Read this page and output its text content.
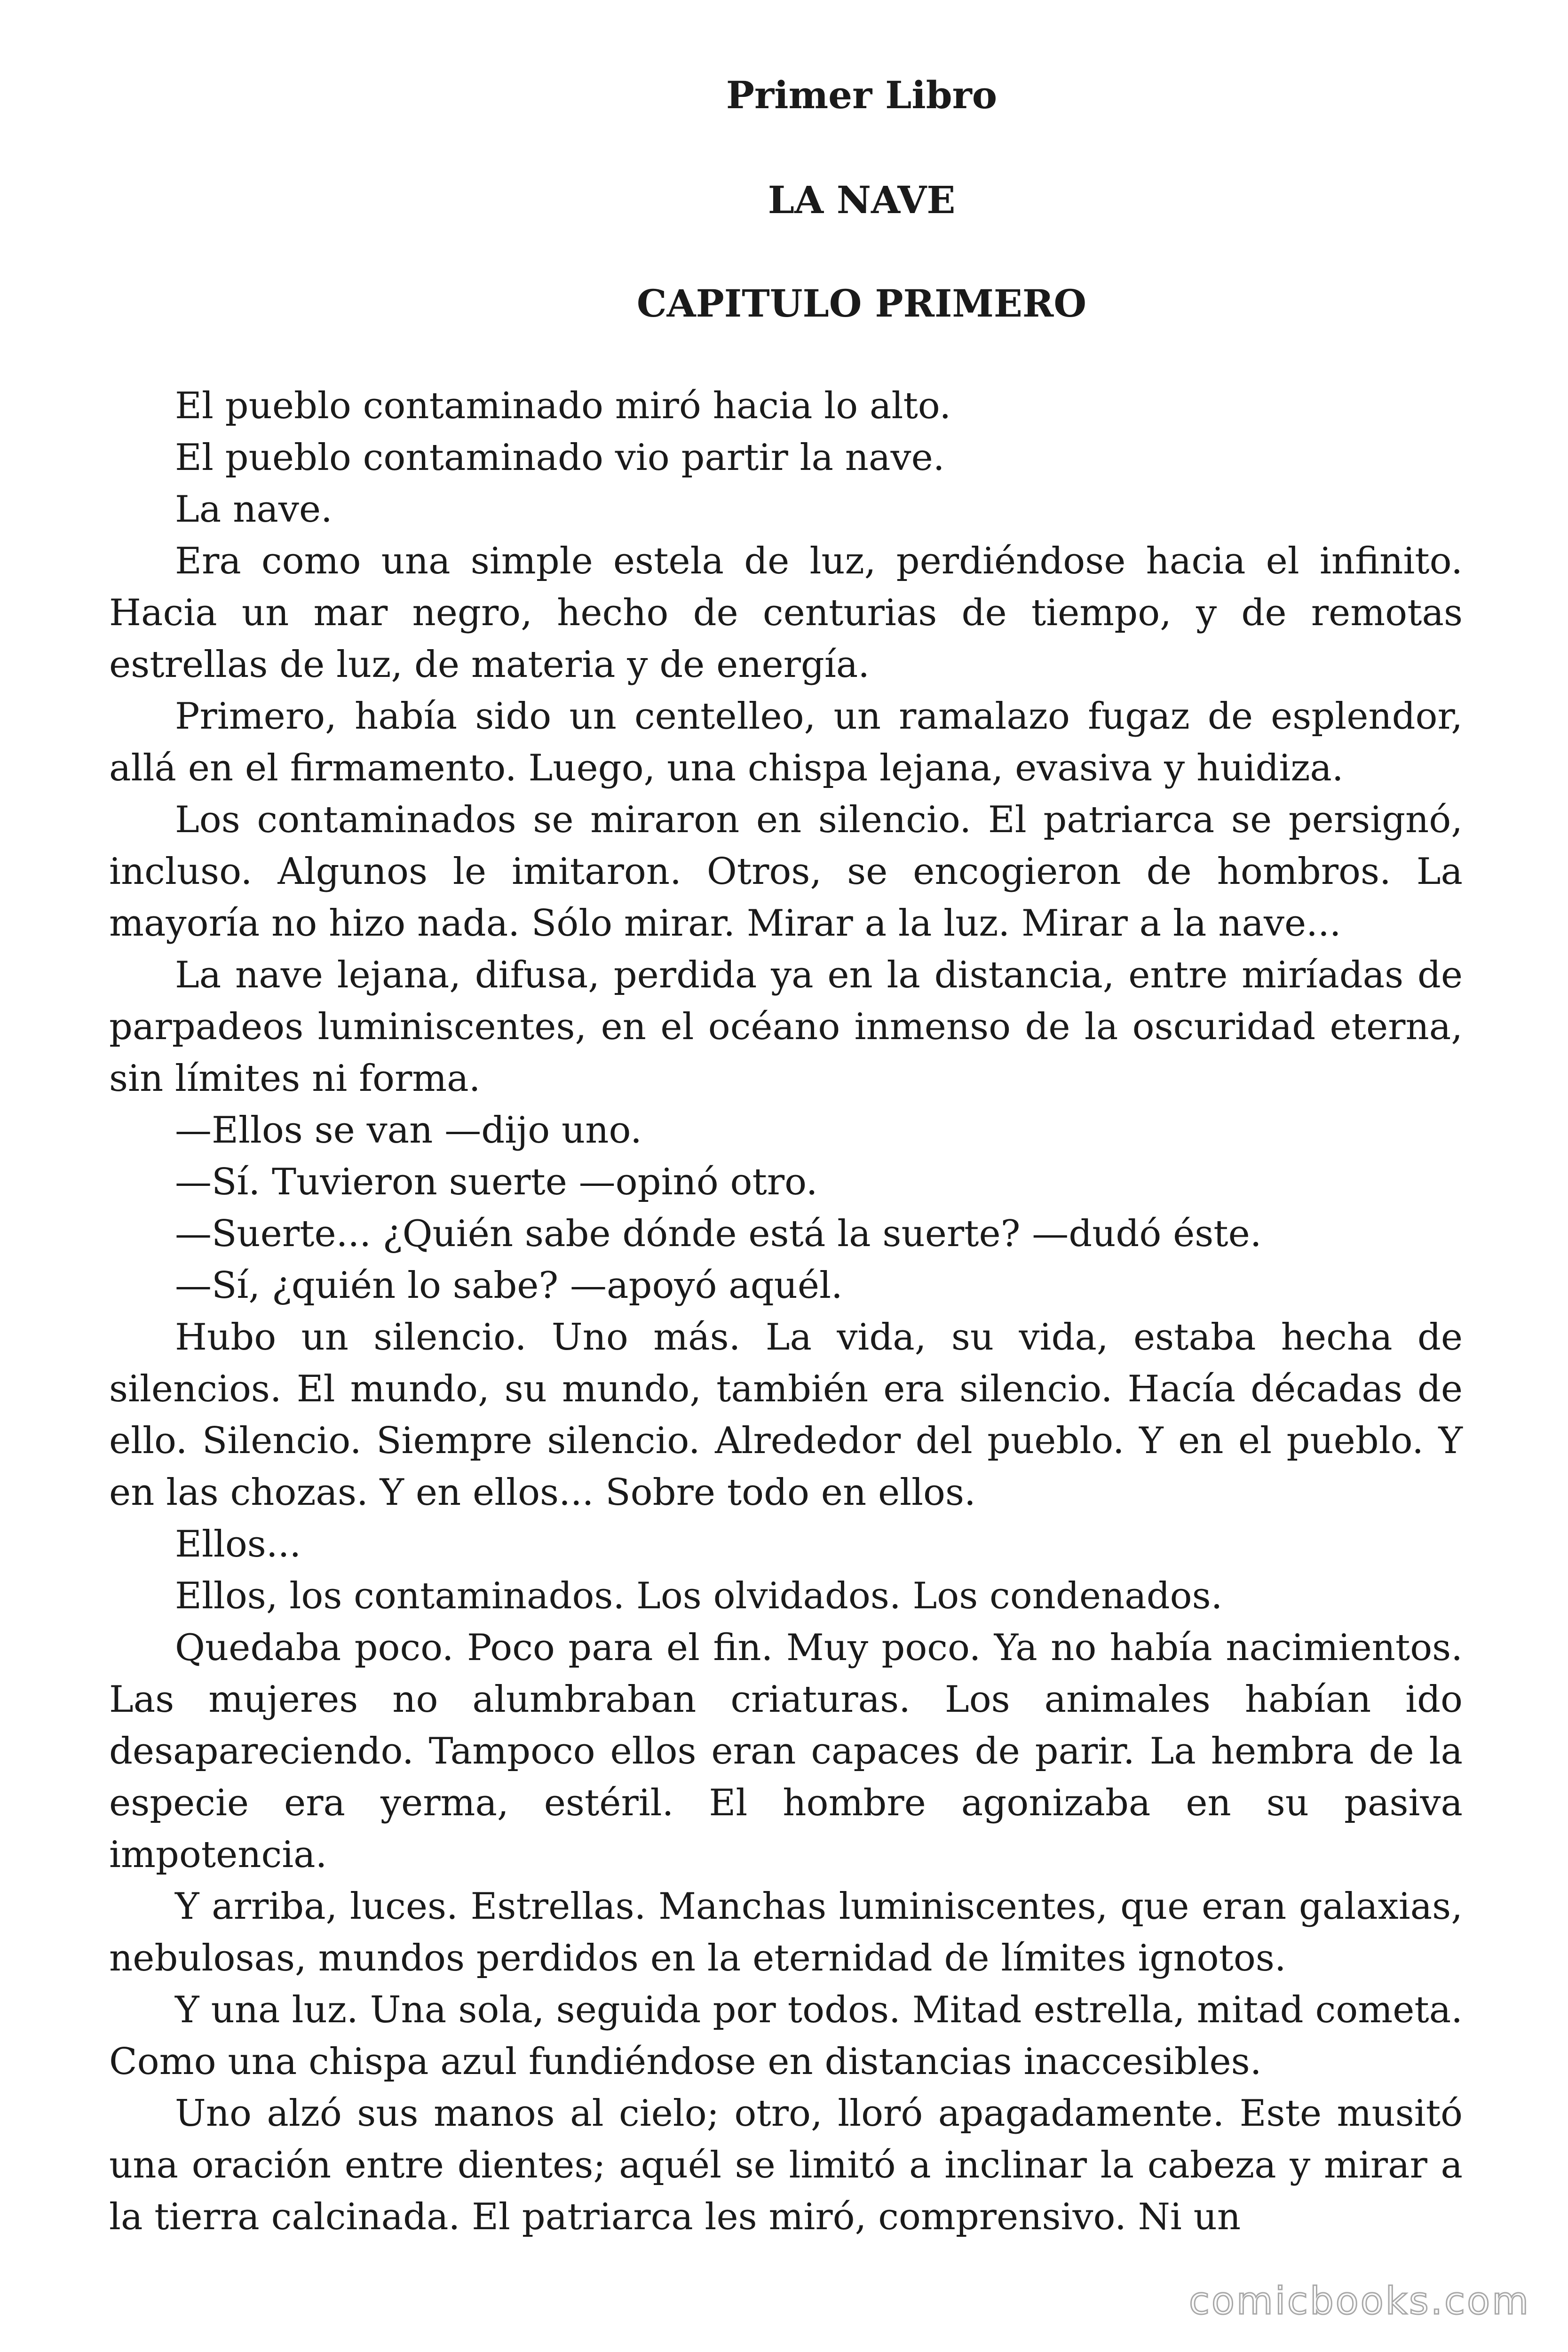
Primer Libro
LA NAVE
CAPITULO PRIMERO

El pueblo contaminado miró hacia lo alto.

El pueblo contaminado vio partir la nave.

La nave.

Era como una simple estela de luz, perdiéndose hacia el infinito. Hacia un mar negro, hecho de centurias de tiempo, y de remotas estrellas de luz, de materia y de energía.

Primero, había sido un centelleo, un ramalazo fugaz de esplendor, allá en el firmamento. Luego, una chispa lejana, evasiva y huidiza.

Los contaminados se miraron en silencio. El patriarca se persignó, incluso. Algunos le imitaron. Otros, se encogieron de hombros. La mayoría no hizo nada. Sólo mirar. Mirar a la luz. Mirar a la nave...

La nave lejana, difusa, perdida ya en la distancia, entre miríadas de parpadeos luminiscentes, en el océano inmenso de la oscuridad eterna, sin límites ni forma.

—Ellos se van —dijo uno.

—Sí. Tuvieron suerte —opinó otro.

—Suerte... ¿Quién sabe dónde está la suerte? —dudó éste.

—Sí, ¿quién lo sabe? —apoyó aquél.

Hubo un silencio. Uno más. La vida, su vida, estaba hecha de silencios. El mundo, su mundo, también era silencio. Hacía décadas de ello. Silencio. Siempre silencio. Alrededor del pueblo. Y en el pueblo. Y en las chozas. Y en ellos... Sobre todo en ellos.

Ellos...

Ellos, los contaminados. Los olvidados. Los condenados.

Quedaba poco. Poco para el fin. Muy poco. Ya no había nacimientos. Las mujeres no alumbraban criaturas. Los animales habían ido desapareciendo. Tampoco ellos eran capaces de parir. La hembra de la especie era yerma, estéril. El hombre agonizaba en su pasiva impotencia.

Y arriba, luces. Estrellas. Manchas luminiscentes, que eran galaxias, nebulosas, mundos perdidos en la eternidad de límites ignotos.

Y una luz. Una sola, seguida por todos. Mitad estrella, mitad cometa. Como una chispa azul fundiéndose en distancias inaccesibles.

Uno alzó sus manos al cielo; otro, lloró apagadamente. Este musitó una oración entre dientes; aquél se limitó a inclinar la cabeza y mirar a la tierra calcinada. El patriarca les miró, comprensivo. Ni un

comicbooks.com
